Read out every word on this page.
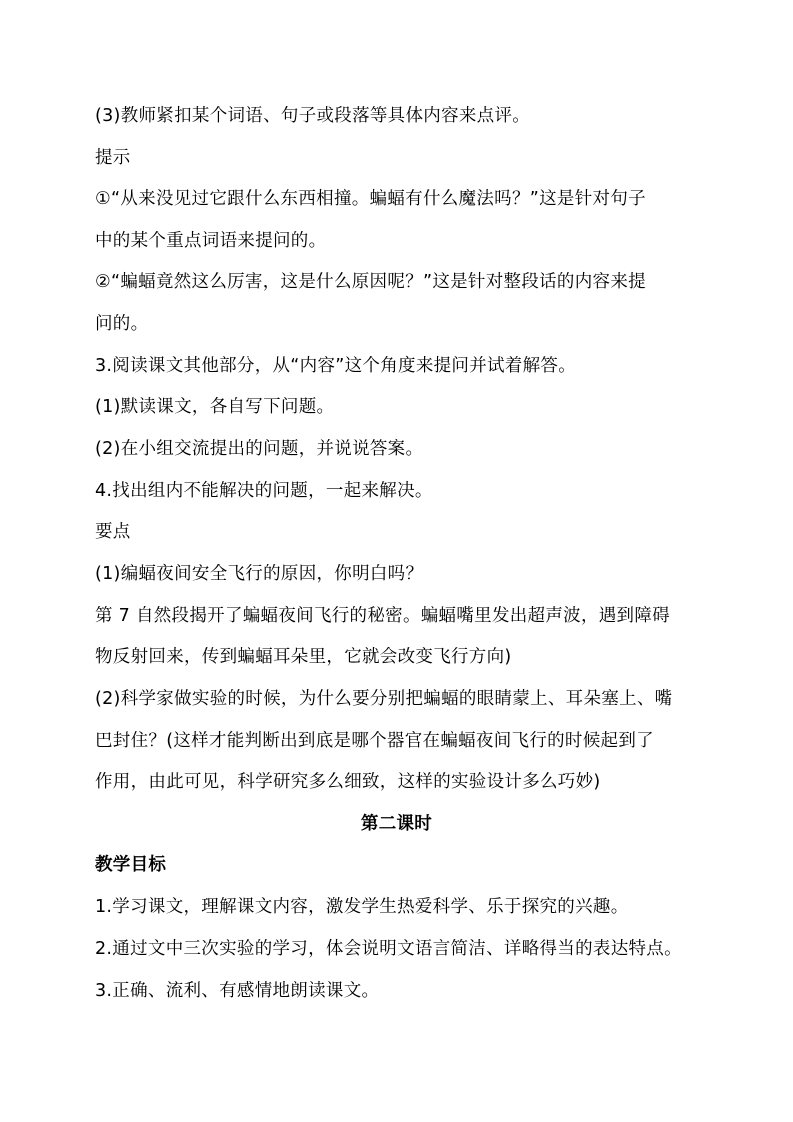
(3)教师紧扣某个词语、句子或段落等具体内容来点评。
提示
①“从来没见过它跟什么东西相撞。蝙蝠有什么魔法吗？”这是针对句子
中的某个重点词语来提问的。
②“蝙蝠竟然这么厉害，这是什么原因呢？”这是针对整段话的内容来提
问的。
3.阅读课文其他部分，从“内容”这个角度来提问并试着解答。
(1)默读课文，各自写下问题。
(2)在小组交流提出的问题，并说说答案。
4.找出组内不能解决的问题，一起来解决。
要点
(1)编蝠夜间安全飞行的原因，你明白吗？
第 7 自然段揭开了蝙蝠夜间飞行的秘密。蝙蝠嘴里发出超声波，遇到障碍
物反射回来，传到蝙蝠耳朵里，它就会改变飞行方向)
(2)科学家做实验的时候，为什么要分别把蝙蝠的眼睛蒙上、耳朵塞上、嘴
巴封住？(这样才能判断出到底是哪个器官在蝙蝠夜间飞行的时候起到了
作用，由此可见，科学研究多么细致，这样的实验设计多么巧妙)
第二课时
教学目标
1.学习课文，理解课文内容，激发学生热爱科学、乐于探究的兴趣。
2.通过文中三次实验的学习，体会说明文语言简洁、详略得当的表达特点。
3.正确、流利、有感情地朗读课文。
